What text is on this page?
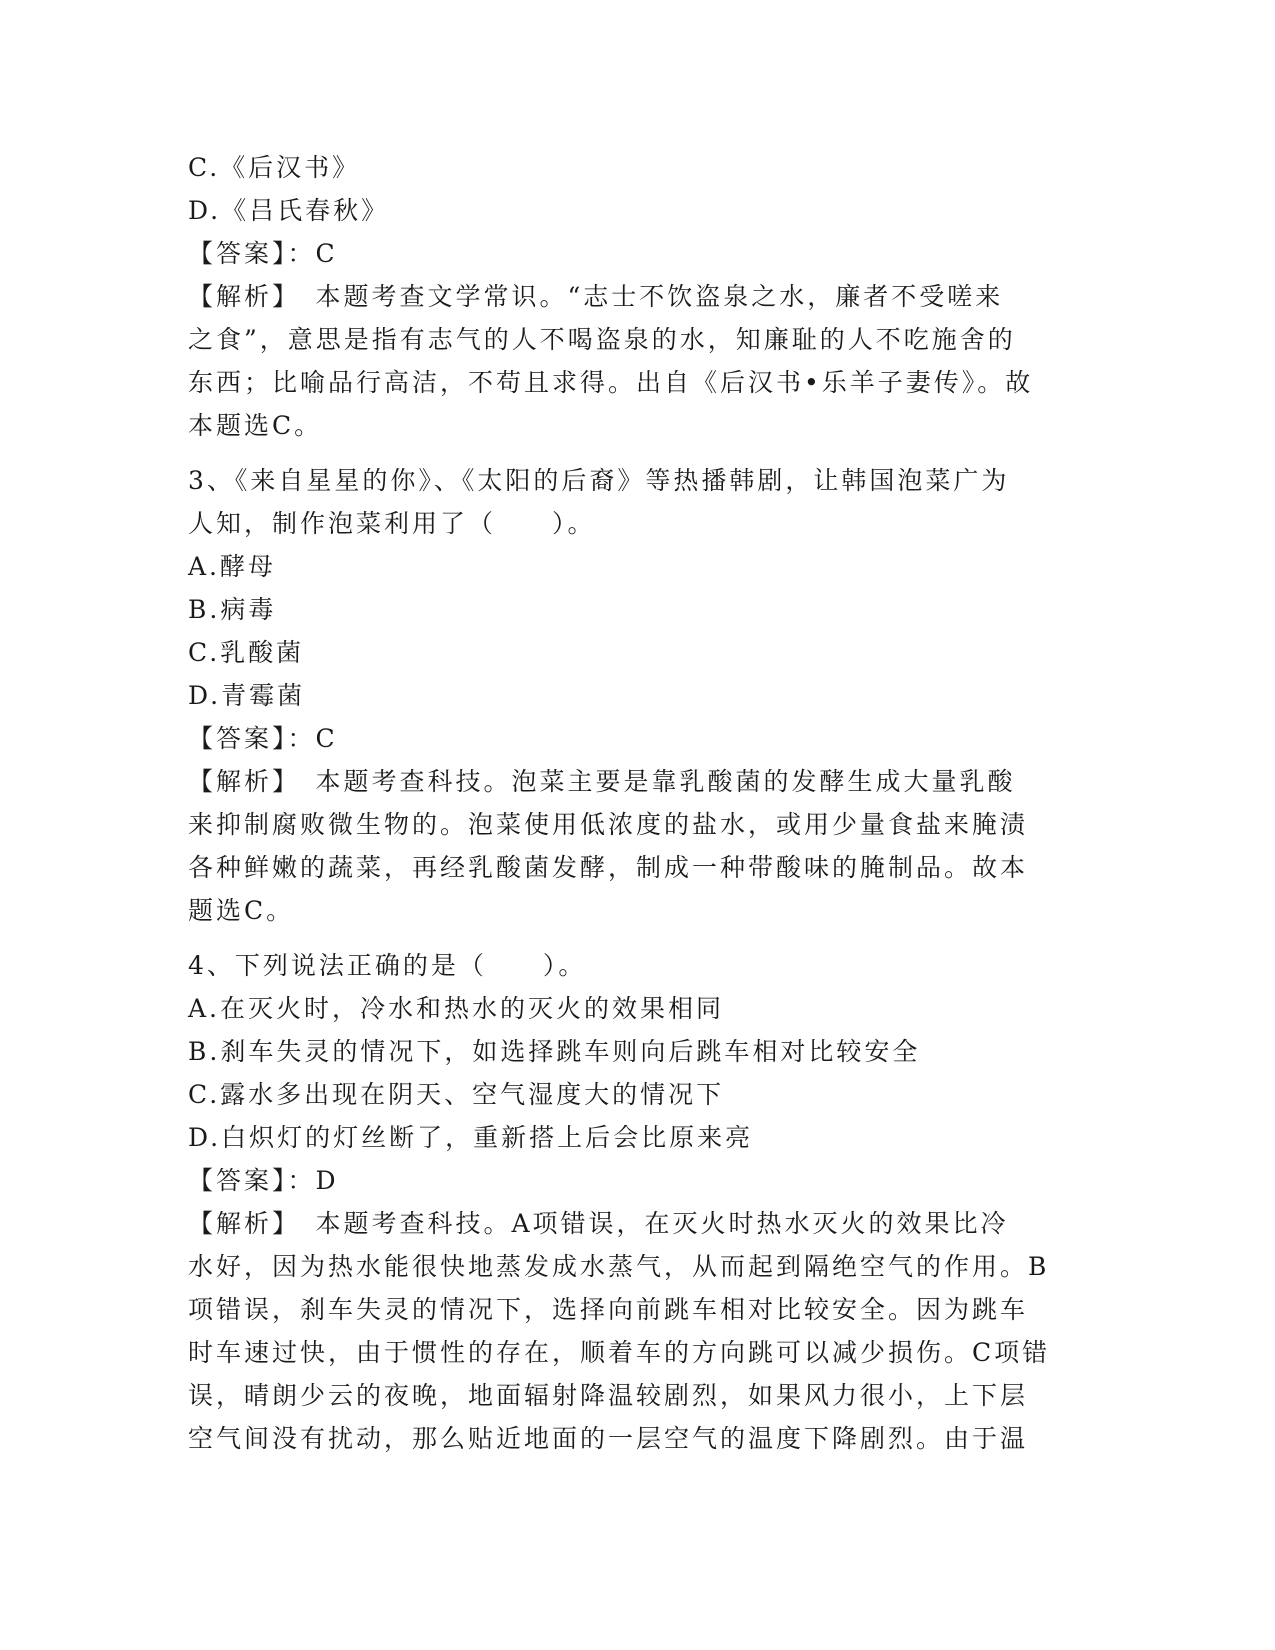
C.《后汉书》
D.《吕氏春秋》
【答案】：C
【解析】　本题考查文学常识。“志士不饮盗泉之水，廉者不受嗟来
之食”，意思是指有志气的人不喝盗泉的水，知廉耻的人不吃施舍的
东西；比喻品行高洁，不苟且求得。出自《后汉书•乐羊子妻传》。故
本题选C。
3、《来自星星的你》、《太阳的后裔》等热播韩剧，让韩国泡菜广为
人知，制作泡菜利用了（　　）。
A.酵母
B.病毒
C.乳酸菌
D.青霉菌
【答案】：C
【解析】　本题考查科技。泡菜主要是靠乳酸菌的发酵生成大量乳酸
来抑制腐败微生物的。泡菜使用低浓度的盐水，或用少量食盐来腌渍
各种鲜嫩的蔬菜，再经乳酸菌发酵，制成一种带酸味的腌制品。故本
题选C。
4、下列说法正确的是（　　）。
A.在灭火时，冷水和热水的灭火的效果相同
B.刹车失灵的情况下，如选择跳车则向后跳车相对比较安全
C.露水多出现在阴天、空气湿度大的情况下
D.白炽灯的灯丝断了，重新搭上后会比原来亮
【答案】：D
【解析】　本题考查科技。A项错误，在灭火时热水灭火的效果比冷
水好，因为热水能很快地蒸发成水蒸气，从而起到隔绝空气的作用。B
项错误，刹车失灵的情况下，选择向前跳车相对比较安全。因为跳车
时车速过快，由于惯性的存在，顺着车的方向跳可以减少损伤。C项错
误，晴朗少云的夜晚，地面辐射降温较剧烈，如果风力很小，上下层
空气间没有扰动，那么贴近地面的一层空气的温度下降剧烈。由于温
